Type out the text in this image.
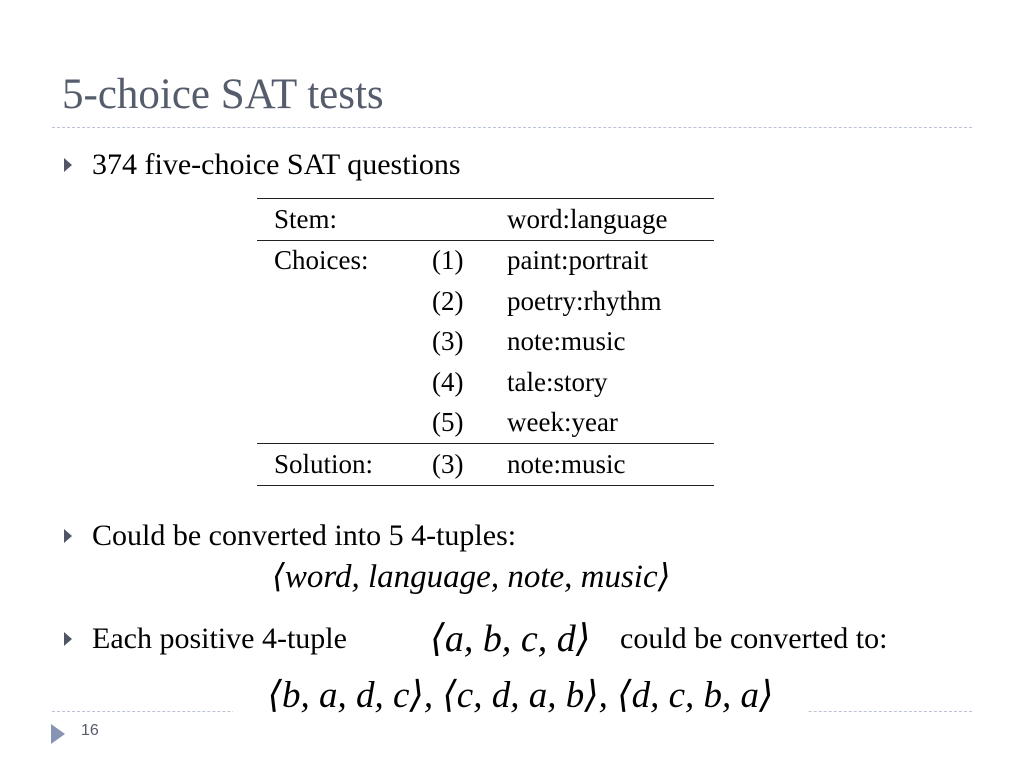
5-choice SAT tests
374 five-choice SAT questions
Stem:		word:language
Choices:	(1)	paint:portrait
	(2)	poetry:rhythm
	(3)	note:music
	(4)	tale:story
	(5)	week:year
Solution:	(3)	note:music
Could be converted into 5 4-tuples:
⟨word, language, note, music⟩
Each positive 4-tuple ⟨a, b, c, d⟩ could be converted to:
⟨b, a, d, c⟩, ⟨c, d, a, b⟩, ⟨d, c, b, a⟩
16
